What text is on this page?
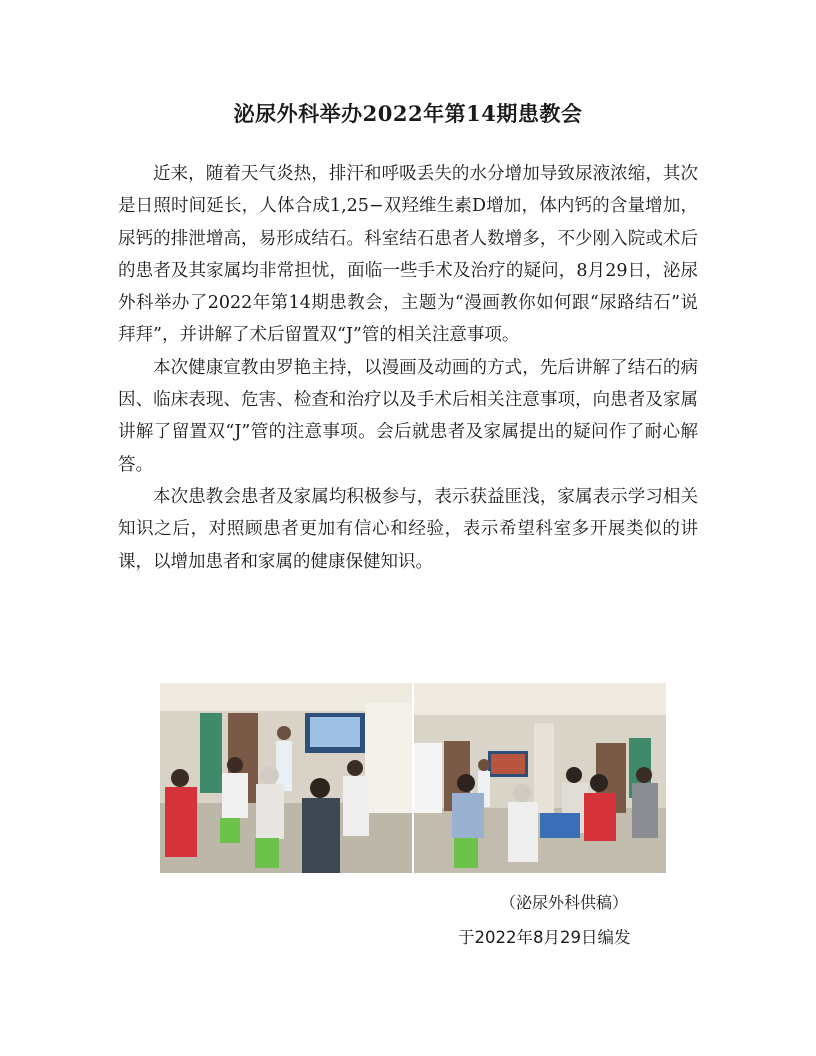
泌尿外科举办2022年第14期患教会

近来，随着天气炎热，排汗和呼吸丢失的水分增加导致尿液浓缩，其次是日照时间延长，人体合成1,25−双羟维生素D增加，体内钙的含量增加，尿钙的排泄增高，易形成结石。科室结石患者人数增多，不少刚入院或术后的患者及其家属均非常担忧，面临一些手术及治疗的疑问，8月29日，泌尿外科举办了2022年第14期患教会，主题为“漫画教你如何跟“尿路结石”说拜拜”，并讲解了术后留置双“J”管的相关注意事项。

本次健康宣教由罗艳主持，以漫画及动画的方式，先后讲解了结石的病因、临床表现、危害、检查和治疗以及手术后相关注意事项，向患者及家属讲解了留置双“J”管的注意事项。会后就患者及家属提出的疑问作了耐心解答。

本次患教会患者及家属均积极参与，表示获益匪浅，家属表示学习相关知识之后，对照顾患者更加有信心和经验，表示希望科室多开展类似的讲课，以增加患者和家属的健康保健知识。

（泌尿外科供稿）
于2022年8月29日编发
